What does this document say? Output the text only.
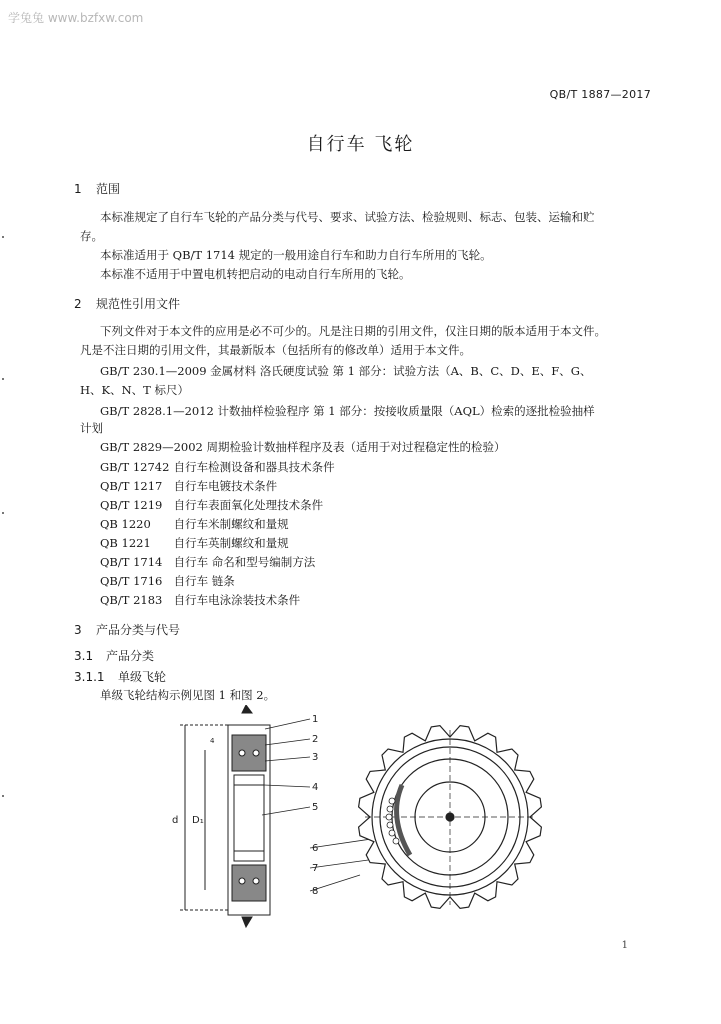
学兔兔 www.bzfxw.com
QB/T 1887—2017
自行车 飞轮
1 范围
本标准规定了自行车飞轮的产品分类与代号、要求、试验方法、检验规则、标志、包装、运输和贮
存。
本标准适用于 QB/T 1714 规定的一般用途自行车和助力自行车所用的飞轮。
本标准不适用于中置电机转把启动的电动自行车所用的飞轮。
2 规范性引用文件
下列文件对于本文件的应用是必不可少的。凡是注日期的引用文件，仅注日期的版本适用于本文件。
凡是不注日期的引用文件，其最新版本（包括所有的修改单）适用于本文件。
GB/T 230.1—2009 金属材料 洛氏硬度试验 第 1 部分：试验方法（A、B、C、D、E、F、G、
H、K、N、T 标尺）
GB/T 2828.1—2012 计数抽样检验程序 第 1 部分：按接收质量限（AQL）检索的逐批检验抽样
计划
GB/T 2829—2002 周期检验计数抽样程序及表（适用于对过程稳定性的检验）
GB/T 12742 自行车检测设备和器具技术条件
QB/T 1217 自行车电镀技术条件
QB/T 1219 自行车表面氧化处理技术条件
QB 1220 自行车米制螺纹和量规
QB 1221 自行车英制螺纹和量规
QB/T 1714 自行车 命名和型号编制方法
QB/T 1716 自行车 链条
QB/T 2183 自行车电泳涂装技术条件
3 产品分类与代号
3.1 产品分类
3.1.1 单级飞轮
单级飞轮结构示例见图 1 和图 2。
d D₁
4
1
2
3
4
5
6
7
8
1
